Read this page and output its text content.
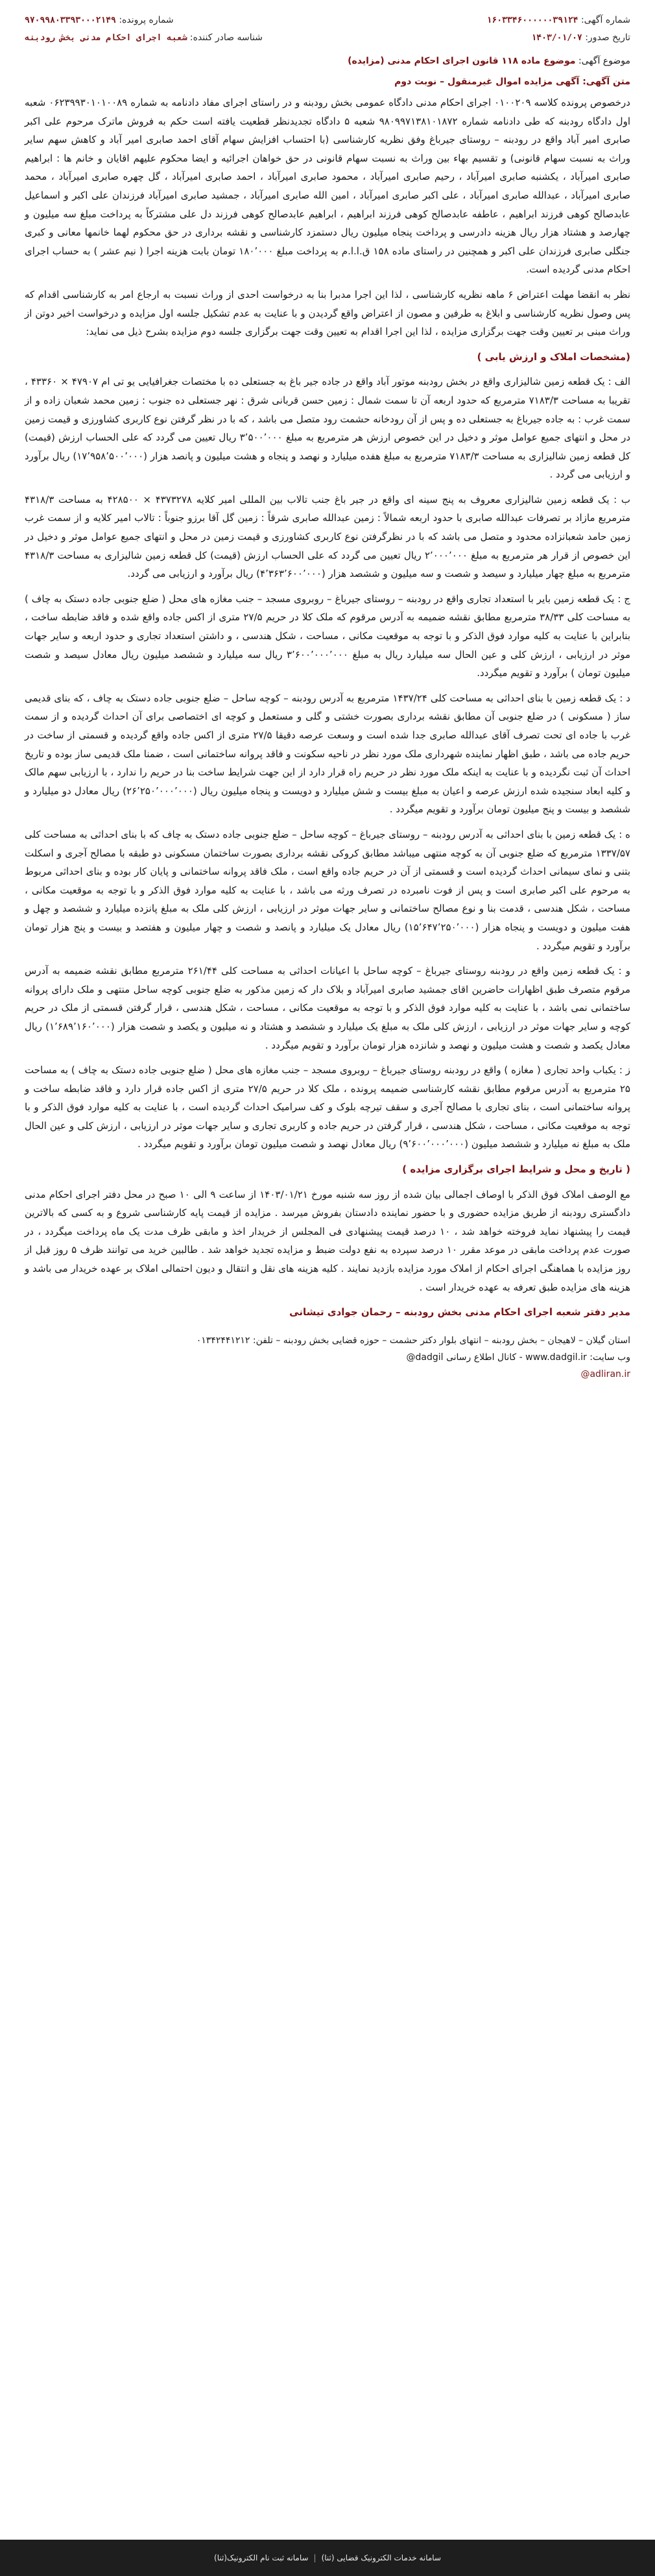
شماره آگهی: ۱۶۰۳۳۴۶۰۰۰۰۰۰۳۹۱۲۴
شماره پرونده: ۹۷۰۹۹۸۰۳۳۹۳۰۰۰۲۱۴۹
تاریخ صدور: ۱۴۰۳/۰۱/۰۷
شناسه صادر کننده: شعبه اجرای احکام مدنی بخش رودبنه
موضوع آگهی: موضوع ماده ۱۱۸ قانون اجرای احکام مدنی (مزایده)
متن آگهی: آگهی مزایده اموال غیرمنقول – نوبت دوم

درخصوص پرونده کلاسه ۰۱۰۰۲۰۹ اجرای احکام مدنی دادگاه عمومی بخش رودبنه و در راستای اجرای مفاد دادنامه به شماره ۰۶۲۳۹۹۳۰۱۰۱۰۰۸۹ شعبه اول دادگاه رودبنه که طی دادنامه شماره ۹۸۰۹۹۷۱۳۸۱۰۱۸۷۲ شعبه ۵ دادگاه تجدیدنظر قطعیت یافته است حکم به فروش ماترک مرحوم علی اکبر صابری امیر آباد واقع در رودبنه – روستای جیرباغ وفق نظریه کارشناسی (با احتساب افزایش سهام آقای احمد صابری امیر آباد و کاهش سهم سایر وراث به نسبت سهام قانونی) و تقسیم بهاء بین وراث به نسبت سهام قانونی در حق خواهان اجرائیه و ایضا محکوم علیهم اقایان و خانم ها : ابراهیم صابری امیرآباد ، یکشنبه صابری امیرآباد ، رحیم صابری امیرآباد ، محمود صابری امیرآباد ، احمد صابری امیرآباد ، گل چهره صابری امیرآباد ، محمد صابری امیرآباد ، عبدالله صابری امیرآباد ، علی اکبر صابری امیرآباد ، امین الله صابری امیرآباد ، جمشید صابری امیرآباد فرزندان علی اکبر و اسماعیل عابدصالح کوهی فرزند ابراهیم ، عاطفه عابدصالح کوهی فرزند ابراهیم ، ابراهیم عابدصالح کوهی فرزند دل علی مشترکاً به پرداخت مبلغ سه میلیون و چهارصد و هشتاد هزار ریال هزینه دادرسی و پرداخت پنجاه میلیون ریال دستمزد کارشناسی و نقشه برداری در حق محکوم لهما خانمها معانی و کبری جنگلی صابری فرزندان علی اکبر و همچنین در راستای ماده ۱۵۸ ق.ا.ا.م به پرداخت مبلغ ۱۸۰٬۰۰۰ تومان بابت هزینه اجرا ( نیم عشر ) به حساب اجرای احکام مدنی گردیده است.

نظر به انقضا مهلت اعتراض ۶ ماهه نظریه کارشناسی ، لذا این اجرا مدبرا بنا به درخواست احدی از وراث نسبت به ارجاع امر به کارشناسی اقدام که پس وصول نظریه کارشناسی و ابلاغ به طرفین و مصون از اعتراض واقع گردیدن و با عنایت به عدم تشکیل جلسه اول مزایده و درخواست اخیر دوتن از وراث مبنی بر تعیین وقت جهت برگزاری مزایده ، لذا این اجرا اقدام به تعیین وقت جهت برگزاری جلسه دوم مزایده بشرح ذیل می نماید:

(مشخصات املاک و ارزش یابی )

الف : یک قطعه زمین شالیزاری واقع در بخش رودبنه موتور آباد واقع در جاده جیر باغ به جستعلی ده با مختصات جغرافیایی یو تی ام ۴۷۹۰۷ × ۴۳۳۶۰ ، تقریبا به مساحت ۷۱۸۳/۳ مترمربع که حدود اربعه آن تا سمت شمال : زمین حسن قربانی شرق : نهر جستعلی ده جنوب : زمین محمد شعبان زاده و از سمت غرب : به جاده جیرباغ به جستعلی ده و پس از آن رودخانه حشمت رود متصل می باشد ، که با در نظر گرفتن نوع کاربری کشاورزی و قیمت زمین در محل و انتهای جمیع عوامل موثر و دخیل در این خصوص ارزش هر مترمربع به مبلغ ۳٬۵۰۰٬۰۰۰ ریال تعیین می گردد که علی الحساب ارزش (قیمت) کل قطعه زمین شالیزاری به مساحت ۷۱۸۳/۳ مترمربع به مبلغ هفده میلیارد و نهصد و پنجاه و هشت میلیون و پانصد هزار (۱۷٬۹۵۸٬۵۰۰٬۰۰۰) ریال برآورد و ارزیابی می گردد .

ب : یک قطعه زمین شالیزاری معروف به پنج سینه ای واقع در جیر باغ جنب تالاب بین المللی امیر کلایه ۴۳۷۳۲۷۸ × ۴۲۸۵۰۰ به مساحت ۴۳۱۸/۳ مترمربع مازاد بر تصرفات عبدالله صابری با حدود اربعه شمالاً : زمین عبدالله صابری شرقاً : زمین گل آقا برزو جنوباً : تالاب امیر کلایه و از سمت غرب زمین حامد شعبانزاده محدود و متصل می باشد که با در نظرگرفتن نوع کاربری کشاورزی و قیمت زمین در محل و انتهای جمیع عوامل موثر و دخیل در این خصوص از قرار هر مترمربع به مبلغ ۲٬۰۰۰٬۰۰۰ ریال تعیین می گردد که علی الحساب ارزش (قیمت) کل قطعه زمین شالیزاری به مساحت ۴۳۱۸/۳ مترمربع به مبلغ چهار میلیارد و سیصد و شصت و سه میلیون و ششصد هزار (۴٬۳۶۳٬۶۰۰٬۰۰۰) ریال برآورد و ارزیابی می گردد.

ج : یک قطعه زمین بایر با استعداد تجاری واقع در رودبنه – روستای جیرباغ – روبروی مسجد – جنب مغازه های محل ( ضلع جنوبی جاده دستک به چاف ) به مساحت کلی ۳۸/۳۳ مترمربع مطابق نقشه ضمیمه به آدرس مرقوم که ملک کلا در حریم ۲۷/۵ متری از اکس جاده واقع شده و فاقد ضابطه ساخت ، بنابراین با عنایت به کلیه موارد فوق الذکر و با توجه به موقعیت مکانی ، مساحت ، شکل هندسی ، و داشتن استعداد تجاری و حدود اربعه و سایر جهات موثر در ارزیابی ، ارزش کلی و عین الحال سه میلیارد ریال به مبلغ ۳٬۶۰۰٬۰۰۰٬۰۰۰ ریال سه میلیارد و ششصد میلیون ریال معادل سیصد و شصت میلیون تومان ) برآورد و تقویم میگردد.

د : یک قطعه زمین با بنای احداثی به مساحت کلی ۱۴۳۷/۲۴ مترمربع به آدرس رودبنه – کوچه ساحل – ضلع جنوبی جاده دستک به چاف ، که بنای قدیمی ساز ( مسکونی ) در ضلع جنوبی آن مطابق نقشه برداری بصورت خشتی و گلی و مستعمل و کوچه ای اختصاصی برای آن احداث گردیده و از سمت غرب با جاده ای تحت تصرف آقای عبدالله صابری جدا شده است و وسعت عرصه دقیقا ۲۷/۵ متری از اکس جاده واقع گردیده و قسمتی از ساخت در حریم جاده می باشد ، طبق اظهار نماینده شهرداری ملک مورد نظر در ناحیه سکونت و فاقد پروانه ساختمانی است ، ضمنا ملک قدیمی ساز بوده و تاریخ احداث آن ثبت نگردیده و با عنایت به اینکه ملک مورد نظر در حریم راه قرار دارد از این جهت شرایط ساخت بنا در حریم را ندارد ، با ارزیابی سهم مالک و کلیه ابعاد سنجیده شده ارزش عرصه و اعیان به مبلغ بیست و شش میلیارد و دویست و پنجاه میلیون ریال (۲۶٬۲۵۰٬۰۰۰٬۰۰۰) ریال معادل دو میلیارد و ششصد و بیست و پنج میلیون تومان برآورد و تقویم میگردد .

ه : یک قطعه زمین با بنای احداثی به آدرس رودبنه – روستای جیرباغ – کوچه ساحل – ضلع جنوبی جاده دستک به چاف که با بنای احداثی به مساحت کلی ۱۳۳۷/۵۷ مترمربع که ضلع جنوبی آن به کوچه منتهی میباشد مطابق کروکی نقشه برداری بصورت ساختمان مسکونی دو طبقه با مصالح آجری و اسکلت بتنی و نمای سیمانی احداث گردیده است و قسمتی از آن در حریم جاده واقع است ، ملک فاقد پروانه ساختمانی و پایان کار بوده و بنای احداثی مربوط به مرحوم علی اکبر صابری است و پس از فوت نامبرده در تصرف ورثه می باشد ، با عنایت به کلیه موارد فوق الذکر و با توجه به موقعیت مکانی ، مساحت ، شکل هندسی ، قدمت بنا و نوع مصالح ساختمانی و سایر جهات موثر در ارزیابی ، ارزش کلی ملک به مبلغ پانزده میلیارد و ششصد و چهل و هفت میلیون و دویست و پنجاه هزار (۱۵٬۶۴۷٬۲۵۰٬۰۰۰) ریال معادل یک میلیارد و پانصد و شصت و چهار میلیون و هفتصد و بیست و پنج هزار تومان برآورد و تقویم میگردد .

و : یک قطعه زمین واقع در رودبنه روستای جیرباغ – کوچه ساحل با اعیانات احداثی به مساحت کلی ۲۶۱/۴۴ مترمربع مطابق نقشه ضمیمه به آدرس مرقوم متصرف طبق اظهارات حاضرین اقای جمشید صابری امیرآباد و بلاک دار که زمین مذکور به ضلع جنوبی کوچه ساحل منتهی و ملک دارای پروانه ساختمانی نمی باشد ، با عنایت به کلیه موارد فوق الذکر و با توجه به موقعیت مکانی ، مساحت ، شکل هندسی ، قرار گرفتن قسمتی از ملک در حریم کوچه و سایر جهات موثر در ارزیابی ، ارزش کلی ملک به مبلغ یک میلیارد و ششصد و هشتاد و نه میلیون و یکصد و شصت هزار (۱٬۶۸۹٬۱۶۰٬۰۰۰) ریال معادل یکصد و شصت و هشت میلیون و نهصد و شانزده هزار تومان برآورد و تقویم میگردد .

ز : یکباب واحد تجاری ( مغازه ) واقع در رودبنه روستای جیرباغ – روبروی مسجد – جنب مغازه های محل ( ضلع جنوبی جاده دستک به چاف ) به مساحت ۲۵ مترمربع به آدرس مرقوم مطابق نقشه کارشناسی ضمیمه پرونده ، ملک کلا در حریم ۲۷/۵ متری از اکس جاده قرار دارد و فاقد ضابطه ساخت و پروانه ساختمانی است ، بنای تجاری با مصالح آجری و سقف تیرچه بلوک و کف سرامیک احداث گردیده است ، با عنایت به کلیه موارد فوق الذکر و با توجه به موقعیت مکانی ، مساحت ، شکل هندسی ، قرار گرفتن در حریم جاده و کاربری تجاری و سایر جهات موثر در ارزیابی ، ارزش کلی و عین الحال ملک به مبلغ نه میلیارد و ششصد میلیون (۹٬۶۰۰٬۰۰۰٬۰۰۰) ریال معادل نهصد و شصت میلیون تومان برآورد و تقویم میگردد .

( تاریخ و محل و شرایط اجرای برگزاری مزایده )

مع الوصف املاک فوق الذکر با اوصاف اجمالی بیان شده از روز سه شنبه مورخ ۱۴۰۳/۰۱/۲۱ از ساعت ۹ الی ۱۰ صبح در محل دفتر اجرای احکام مدنی دادگستری رودبنه از طریق مزایده حضوری و با حضور نماینده دادستان بفروش میرسد . مزایده از قیمت پایه کارشناسی شروع و به کسی که بالاترین قیمت را پیشنهاد نماید فروخته خواهد شد ، ۱۰ درصد قیمت پیشنهادی فی المجلس از خریدار اخذ و مابقی ظرف مدت یک ماه پرداخت میگردد ، در صورت عدم پرداخت مابقی در موعد مقرر ۱۰ درصد سپرده به نفع دولت ضبط و مزایده تجدید خواهد شد . طالبین خرید می توانند ظرف ۵ روز قبل از روز مزایده با هماهنگی اجرای احکام از املاک مورد مزایده بازدید نمایند . کلیه هزینه های نقل و انتقال و دیون احتمالی املاک بر عهده خریدار می باشد و هزینه های مزایده طبق تعرفه به عهده خریدار است .

مدیر دفتر شعبه اجرای احکام مدنی بخش رودبنه – رحمان جوادی تیشانی

استان گیلان – لاهیجان – بخش رودبنه – انتهای بلوار دکتر حشمت – حوزه قضایی بخش رودبنه – تلفن: ۰۱۳۴۲۴۴۱۲۱۲
وب سایت: www.dadgil.ir - کانال اطلاع رسانی dadgil@
adliran.ir@
سامانه خدمات الکترونیک قضایی (ثنا)
|
سامانه ثبت نام الکترونیک(ثنا)
